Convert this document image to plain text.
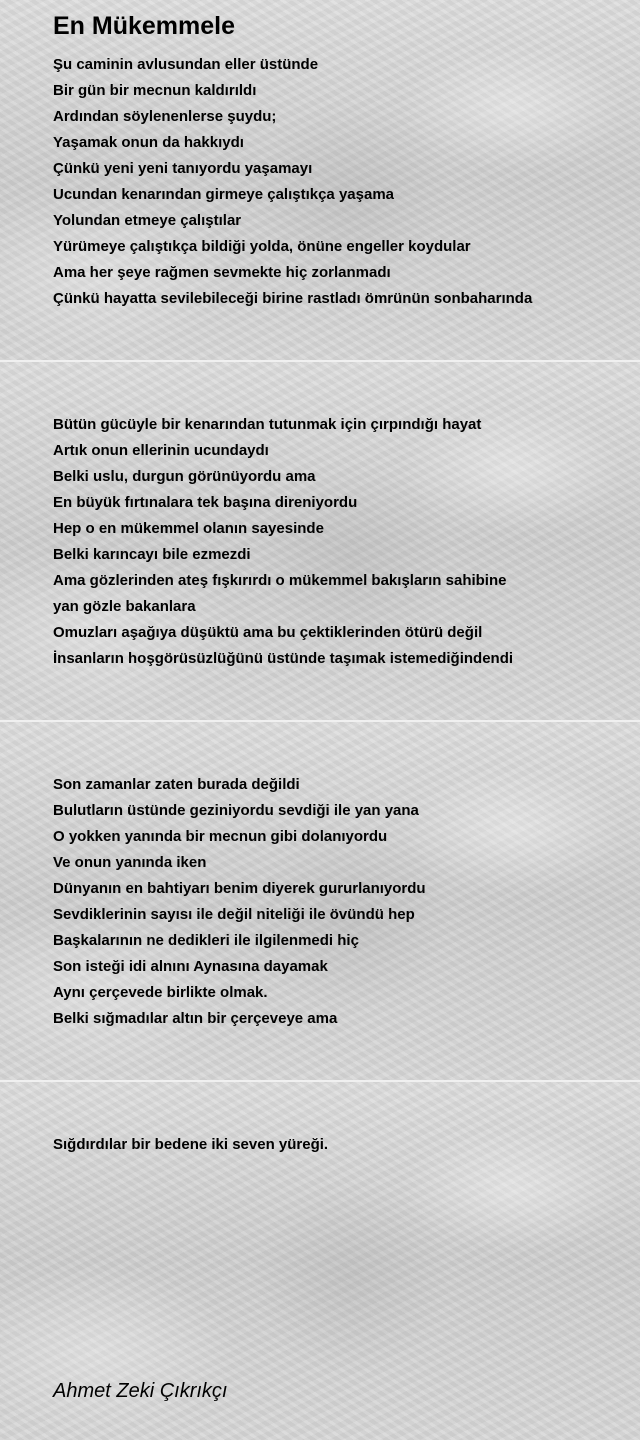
En Mükemmele
Şu caminin avlusundan eller üstünde
Bir gün bir mecnun kaldırıldı
Ardından söylenenlerse şuydu;
Yaşamak onun da hakkıydı
Çünkü yeni yeni tanıyordu yaşamayı
Ucundan kenarından girmeye çalıştıkça yaşama
Yolundan etmeye çalıştılar
Yürümeye çalıştıkça bildiği yolda, önüne engeller koydular
Ama her şeye rağmen sevmekte hiç zorlanmadı
Çünkü hayatta sevilebileceği birine rastladı ömrünün sonbaharında
Bütün gücüyle bir kenarından tutunmak için çırpındığı hayat
Artık onun ellerinin ucundaydı
Belki uslu, durgun görünüyordu ama
En büyük fırtınalara tek başına direniyordu
Hep o en mükemmel olanın sayesinde
Belki karıncayı bile ezmezdi
Ama gözlerinden ateş fışkırırdı o mükemmel bakışların sahibine
yan gözle bakanlara
Omuzları aşağıya düşüktü ama bu çektiklerinden ötürü değil
İnsanların hoşgörüsüzlüğünü üstünde taşımak istemediğindendi
Son zamanlar zaten burada değildi
Bulutların üstünde geziniyordu sevdiği ile yan yana
O yokken yanında bir mecnun gibi dolanıyordu
Ve onun yanında iken
Dünyanın en bahtiyarı benim diyerek gururlanıyordu
Sevdiklerinin sayısı ile değil niteliği ile övündü hep
Başkalarının ne dedikleri ile ilgilenmedi hiç
Son isteği idi alnını Aynasına dayamak
Aynı çerçevede birlikte olmak.
Belki sığmadılar altın bir çerçeveye ama
Sığdırdılar bir bedene iki seven yüreği.
Ahmet Zeki Çıkrıkçı
